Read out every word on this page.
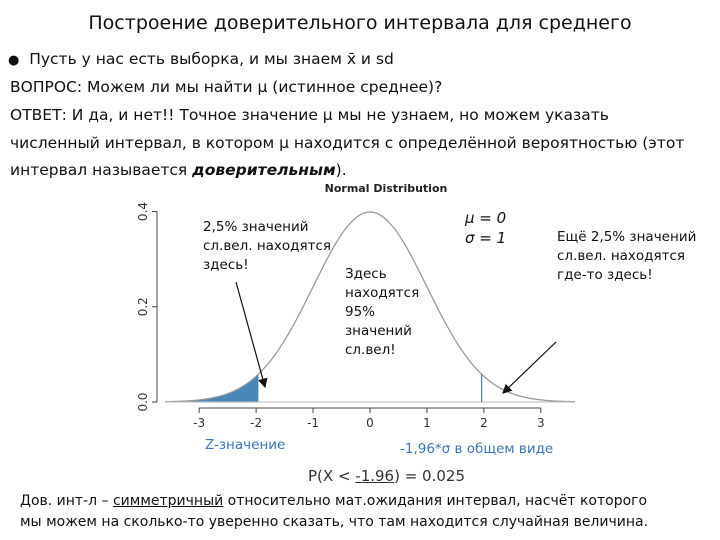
Построение доверительного интервала для среднего
● Пусть у нас есть выборка, и мы знаем x̄ и sd
ВОПРОС: Можем ли мы найти μ (истинное среднее)?
ОТВЕТ: И да, и нет!! Точное значение μ мы не узнаем, но можем указать
численный интервал, в котором μ находится с определённой вероятностью (этот
интервал называется доверительным).
Normal Distribution
-3	-2	-1	0	1	2	3
0.0
0.2
0.4	μ = 0
σ = 1
2,5% значений
сл.вел. находятся
здесь!
Здесь
находятся
95%
значений
сл.вел!
Ещё 2,5% значений
сл.вел. находятся
где-то здесь!
Z-значение	-1,96*σ в общем виде
P(X < -1.96) = 0.025
Дов. инт-л – симметричный относительно мат.ожидания интервал, насчёт которого
мы можем на сколько-то уверенно сказать, что там находится случайная величина.
